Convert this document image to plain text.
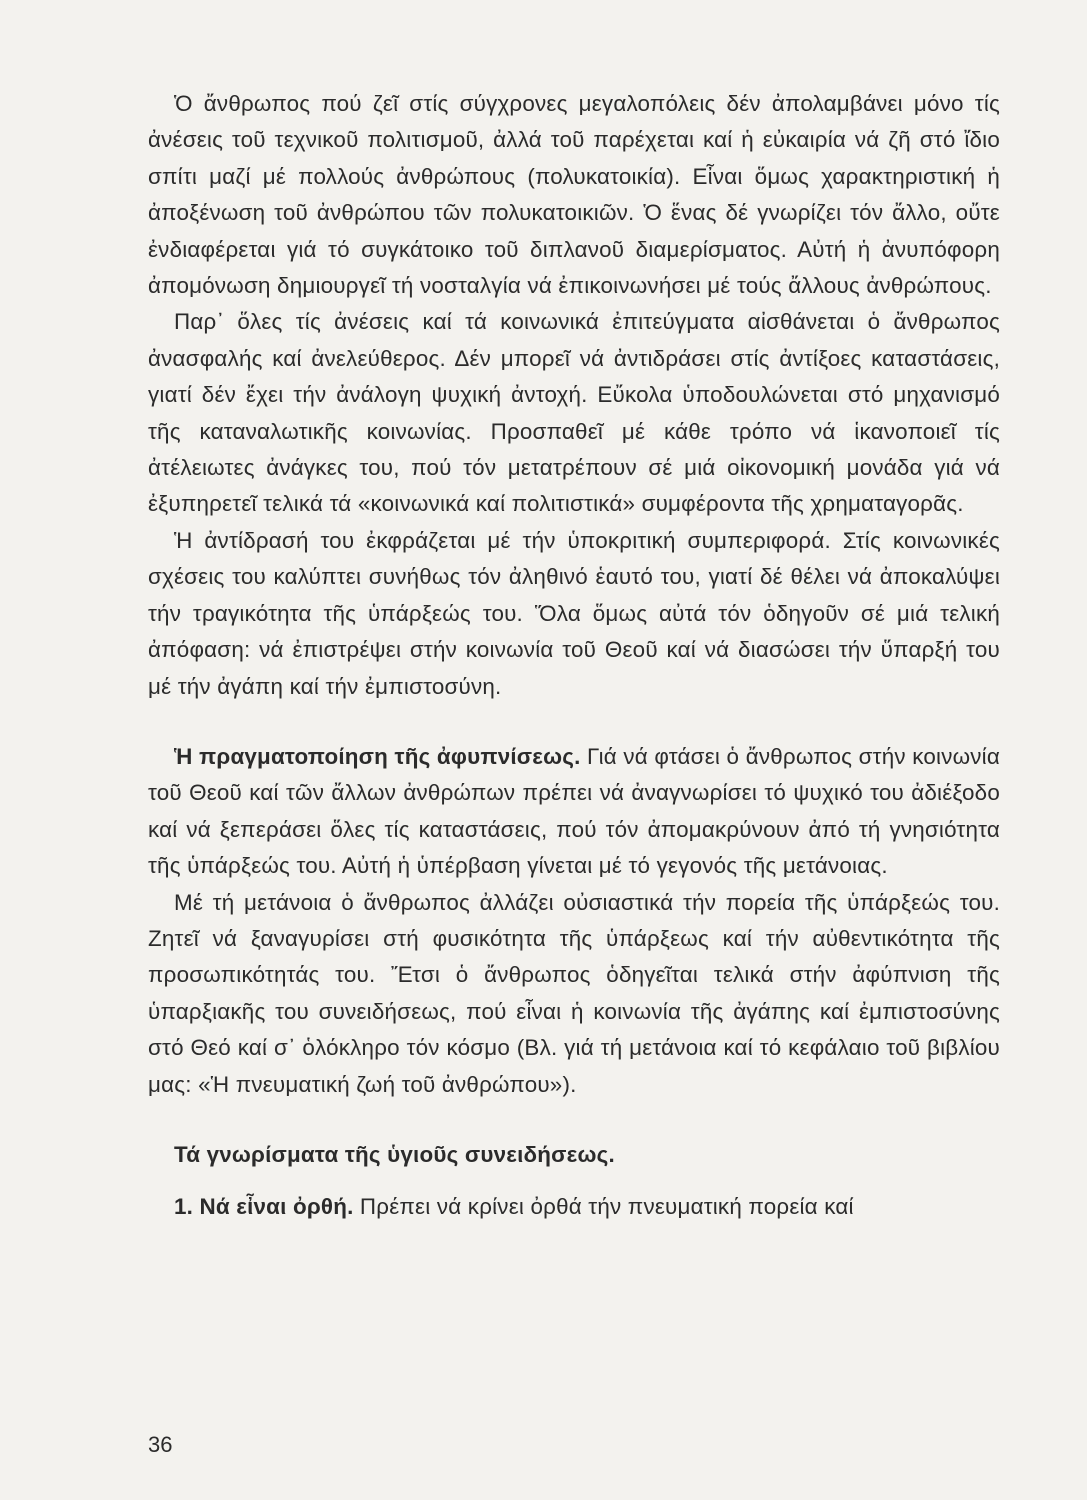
Ὁ ἄνθρωπος πού ζεῖ στίς σύγχρονες μεγαλοπόλεις δέν ἀπολαμβάνει μόνο τίς ἀνέσεις τοῦ τεχνικοῦ πολιτισμοῦ, ἀλλά τοῦ παρέχεται καί ἡ εὐκαιρία νά ζῆ στό ἴδιο σπίτι μαζί μέ πολλούς ἀνθρώπους (πολυκατοικία). Εἶναι ὅμως χαρακτηριστική ἡ ἀποξένωση τοῦ ἀνθρώπου τῶν πολυκατοικιῶν. Ὁ ἕνας δέ γνωρίζει τόν ἄλλο, οὔτε ἐνδιαφέρεται γιά τό συγκάτοικο τοῦ διπλανοῦ διαμερίσματος. Αὐτή ἡ ἀνυπόφορη ἀπομόνωση δημιουργεῖ τή νοσταλγία νά ἐπικοινωνήσει μέ τούς ἄλλους ἀνθρώπους.

Παρ᾽ ὅλες τίς ἀνέσεις καί τά κοινωνικά ἐπιτεύγματα αἰσθάνεται ὁ ἄνθρωπος ἀνασφαλής καί ἀνελεύθερος. Δέν μπορεῖ νά ἀντιδράσει στίς ἀντίξοες καταστάσεις, γιατί δέν ἔχει τήν ἀνάλογη ψυχική ἀντοχή. Εὔκολα ὑποδουλώνεται στό μηχανισμό τῆς καταναλωτικῆς κοινωνίας. Προσπαθεῖ μέ κάθε τρόπο νά ἱκανοποιεῖ τίς ἀτέλειωτες ἀνάγκες του, πού τόν μετατρέπουν σέ μιά οἰκονομική μονάδα γιά νά ἐξυπηρετεῖ τελικά τά «κοινωνικά καί πολιτιστικά» συμφέροντα τῆς χρηματαγορᾶς.

Ἡ ἀντίδρασή του ἐκφράζεται μέ τήν ὑποκριτική συμπεριφορά. Στίς κοινωνικές σχέσεις του καλύπτει συνήθως τόν ἀληθινό ἑαυτό του, γιατί δέ θέλει νά ἀποκαλύψει τήν τραγικότητα τῆς ὑπάρξεώς του. Ὅλα ὅμως αὐτά τόν ὁδηγοῦν σέ μιά τελική ἀπόφαση: νά ἐπιστρέψει στήν κοινωνία τοῦ Θεοῦ καί νά διασώσει τήν ὕπαρξή του μέ τήν ἀγάπη καί τήν ἐμπιστοσύνη.

Ἡ πραγματοποίηση τῆς ἀφυπνίσεως. Γιά νά φτάσει ὁ ἄνθρωπος στήν κοινωνία τοῦ Θεοῦ καί τῶν ἄλλων ἀνθρώπων πρέπει νά ἀναγνωρίσει τό ψυχικό του ἀδιέξοδο καί νά ξεπεράσει ὅλες τίς καταστάσεις, πού τόν ἀπομακρύνουν ἀπό τή γνησιότητα τῆς ὑπάρξεώς του. Αὐτή ἡ ὑπέρβαση γίνεται μέ τό γεγονός τῆς μετάνοιας.

Μέ τή μετάνοια ὁ ἄνθρωπος ἀλλάζει οὐσιαστικά τήν πορεία τῆς ὑπάρξεώς του. Ζητεῖ νά ξαναγυρίσει στή φυσικότητα τῆς ὑπάρξεως καί τήν αὐθεντικότητα τῆς προσωπικότητάς του. Ἔτσι ὁ ἄνθρωπος ὁδηγεῖται τελικά στήν ἀφύπνιση τῆς ὑπαρξιακῆς του συνειδήσεως, πού εἶναι ἡ κοινωνία τῆς ἀγάπης καί ἐμπιστοσύνης στό Θεό καί σ᾽ ὁλόκληρο τόν κόσμο (Βλ. γιά τή μετάνοια καί τό κεφάλαιο τοῦ βιβλίου μας: «Ἡ πνευματική ζωή τοῦ ἀνθρώπου»).

Τά γνωρίσματα τῆς ὑγιοῦς συνειδήσεως.

1. Νά εἶναι ὀρθή. Πρέπει νά κρίνει ὀρθά τήν πνευματική πορεία καί

36
